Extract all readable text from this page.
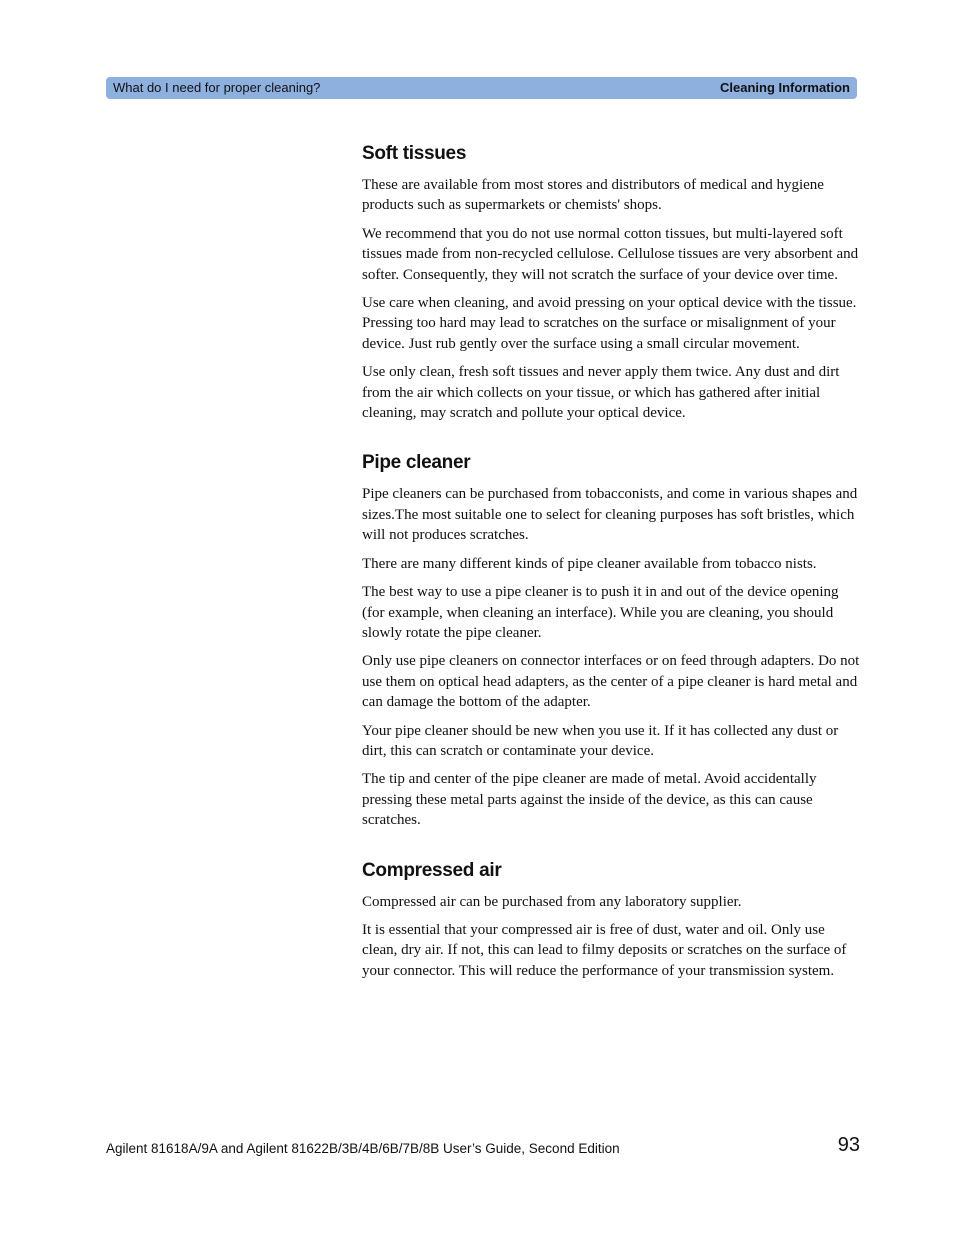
What do I need for proper cleaning?	Cleaning Information
Soft tissues

These are available from most stores and distributors of medical and hygiene products such as supermarkets or chemists' shops.

We recommend that you do not use normal cotton tissues, but multi-layered soft tissues made from non-recycled cellulose. Cellulose tissues are very absorbent and softer. Consequently, they will not scratch the surface of your device over time.

Use care when cleaning, and avoid pressing on your optical device with the tissue. Pressing too hard may lead to scratches on the surface or misalignment of your device. Just rub gently over the surface using a small circular movement.

Use only clean, fresh soft tissues and never apply them twice. Any dust and dirt from the air which collects on your tissue, or which has gathered after initial cleaning, may scratch and pollute your optical device.

Pipe cleaner

Pipe cleaners can be purchased from tobacconists, and come in various shapes and sizes.The most suitable one to select for cleaning purposes has soft bristles, which will not produces scratches.

There are many different kinds of pipe cleaner available from tobacco nists.

The best way to use a pipe cleaner is to push it in and out of the device opening (for example, when cleaning an interface). While you are cleaning, you should slowly rotate the pipe cleaner.

Only use pipe cleaners on connector interfaces or on feed through adapters. Do not use them on optical head adapters, as the center of a pipe cleaner is hard metal and can damage the bottom of the adapter.

Your pipe cleaner should be new when you use it. If it has collected any dust or dirt, this can scratch or contaminate your device.

The tip and center of the pipe cleaner are made of metal. Avoid accidentally pressing these metal parts against the inside of the device, as this can cause scratches.

Compressed air

Compressed air can be purchased from any laboratory supplier.

It is essential that your compressed air is free of dust, water and oil. Only use clean, dry air. If not, this can lead to filmy deposits or scratches on the surface of your connector. This will reduce the performance of your transmission system.

Agilent 81618A/9A and Agilent 81622B/3B/4B/6B/7B/8B User’s Guide, Second Edition	93
